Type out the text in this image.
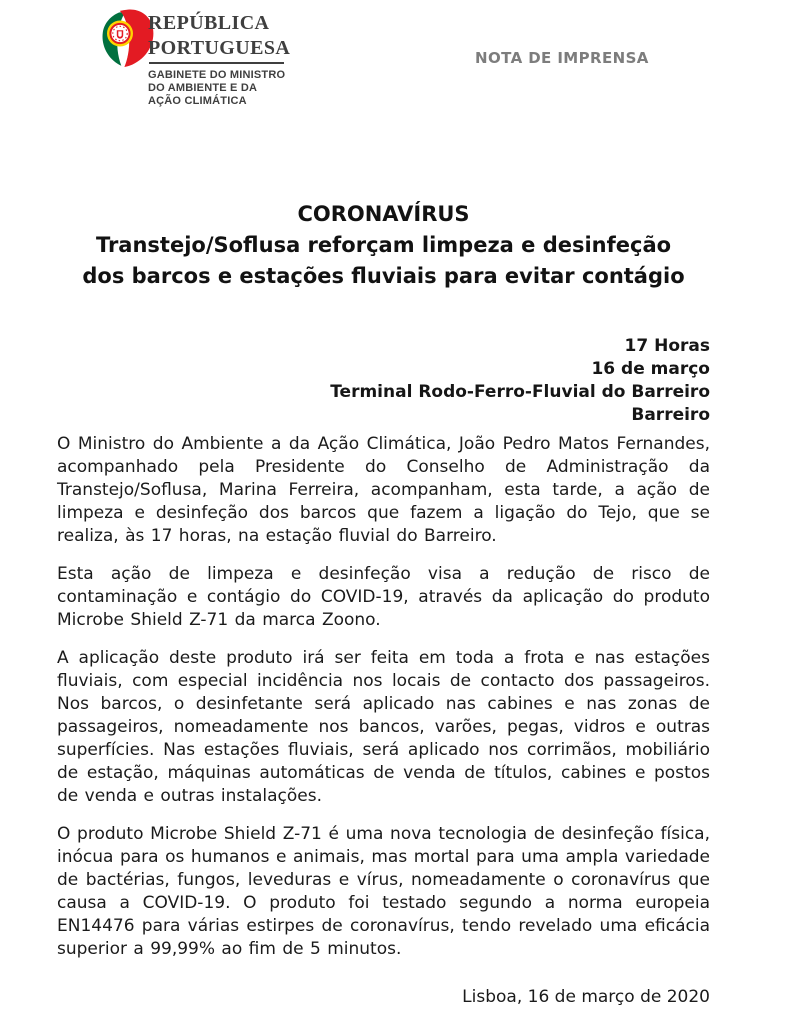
REPÚBLICA
PORTUGUESA
GABINETE DO MINISTRO
DO AMBIENTE E DA
AÇÃO CLIMÁTICA
NOTA DE IMPRENSA
CORONAVÍRUS
Transtejo/Soflusa reforçam limpeza e desinfeção
dos barcos e estações fluviais para evitar contágio
17 Horas
16 de março
Terminal Rodo-Ferro-Fluvial do Barreiro
Barreiro

O Ministro do Ambiente a da Ação Climática, João Pedro Matos Fernandes, acompanhado pela Presidente do Conselho de Administração da Transtejo/Soflusa, Marina Ferreira, acompanham, esta tarde, a ação de limpeza e desinfeção dos barcos que fazem a ligação do Tejo, que se realiza, às 17 horas, na estação fluvial do Barreiro.

Esta ação de limpeza e desinfeção visa a redução de risco de contaminação e contágio do COVID-19, através da aplicação do produto Microbe Shield Z-71 da marca Zoono.

A aplicação deste produto irá ser feita em toda a frota e nas estações fluviais, com especial incidência nos locais de contacto dos passageiros. Nos barcos, o desinfetante será aplicado nas cabines e nas zonas de passageiros, nomeadamente nos bancos, varões, pegas, vidros e outras superfícies. Nas estações fluviais, será aplicado nos corrimãos, mobiliário de estação, máquinas automáticas de venda de títulos, cabines e postos de venda e outras instalações.

O produto Microbe Shield Z-71 é uma nova tecnologia de desinfeção física, inócua para os humanos e animais, mas mortal para uma ampla variedade de bactérias, fungos, leveduras e vírus, nomeadamente o coronavírus que causa a COVID-19. O produto foi testado segundo a norma europeia EN14476 para várias estirpes de coronavírus, tendo revelado uma eficácia superior a 99,99% ao fim de 5 minutos.

Lisboa, 16 de março de 2020
